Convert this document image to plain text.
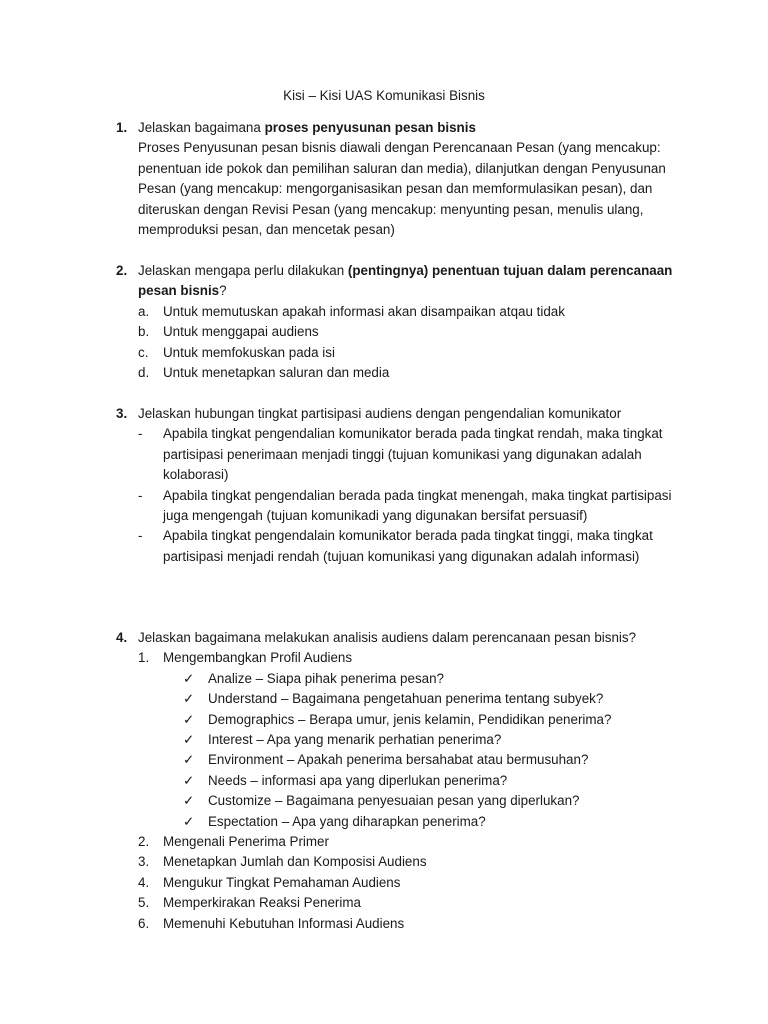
Kisi – Kisi UAS Komunikasi Bisnis
1. Jelaskan bagaimana proses penyusunan pesan bisnis

Proses Penyusunan pesan bisnis diawali dengan Perencanaan Pesan (yang mencakup: penentuan ide pokok dan pemilihan saluran dan media), dilanjutkan dengan Penyusunan Pesan (yang mencakup: mengorganisasikan pesan dan memformulasikan pesan), dan diteruskan dengan Revisi Pesan (yang mencakup: menyunting pesan, menulis ulang, memproduksi pesan, dan mencetak pesan)

2. Jelaskan mengapa perlu dilakukan (pentingnya) penentuan tujuan dalam perencanaan pesan bisnis?

a. Untuk memutuskan apakah informasi akan disampaikan atqau tidak
b. Untuk menggapai audiens
c. Untuk memfokuskan pada isi
d. Untuk menetapkan saluran dan media
3. Jelaskan hubungan tingkat partisipasi audiens dengan pengendalian komunikator

- Apabila tingkat pengendalian komunikator berada pada tingkat rendah, maka tingkat partisipasi penerimaan menjadi tinggi (tujuan komunikasi yang digunakan adalah kolaborasi)
- Apabila tingkat pengendalian berada pada tingkat menengah, maka tingkat partisipasi juga mengengah (tujuan komunikadi yang digunakan bersifat persuasif)
- Apabila tingkat pengendalain komunikator berada pada tingkat tinggi, maka tingkat partisipasi menjadi rendah (tujuan komunikasi yang digunakan adalah informasi)
4. Jelaskan bagaimana melakukan analisis audiens dalam perencanaan pesan bisnis?

1. Mengembangkan Profil Audiens
✓ Analize – Siapa pihak penerima pesan?
✓ Understand – Bagaimana pengetahuan penerima tentang subyek?
✓ Demographics – Berapa umur, jenis kelamin, Pendidikan penerima?
✓ Interest – Apa yang menarik perhatian penerima?
✓ Environment – Apakah penerima bersahabat atau bermusuhan?
✓ Needs – informasi apa yang diperlukan penerima?
✓ Customize – Bagaimana penyesuaian pesan yang diperlukan?
✓ Espectation – Apa yang diharapkan penerima?
2. Mengenali Penerima Primer
3. Menetapkan Jumlah dan Komposisi Audiens
4. Mengukur Tingkat Pemahaman Audiens
5. Memperkirakan Reaksi Penerima
6. Memenuhi Kebutuhan Informasi Audiens
